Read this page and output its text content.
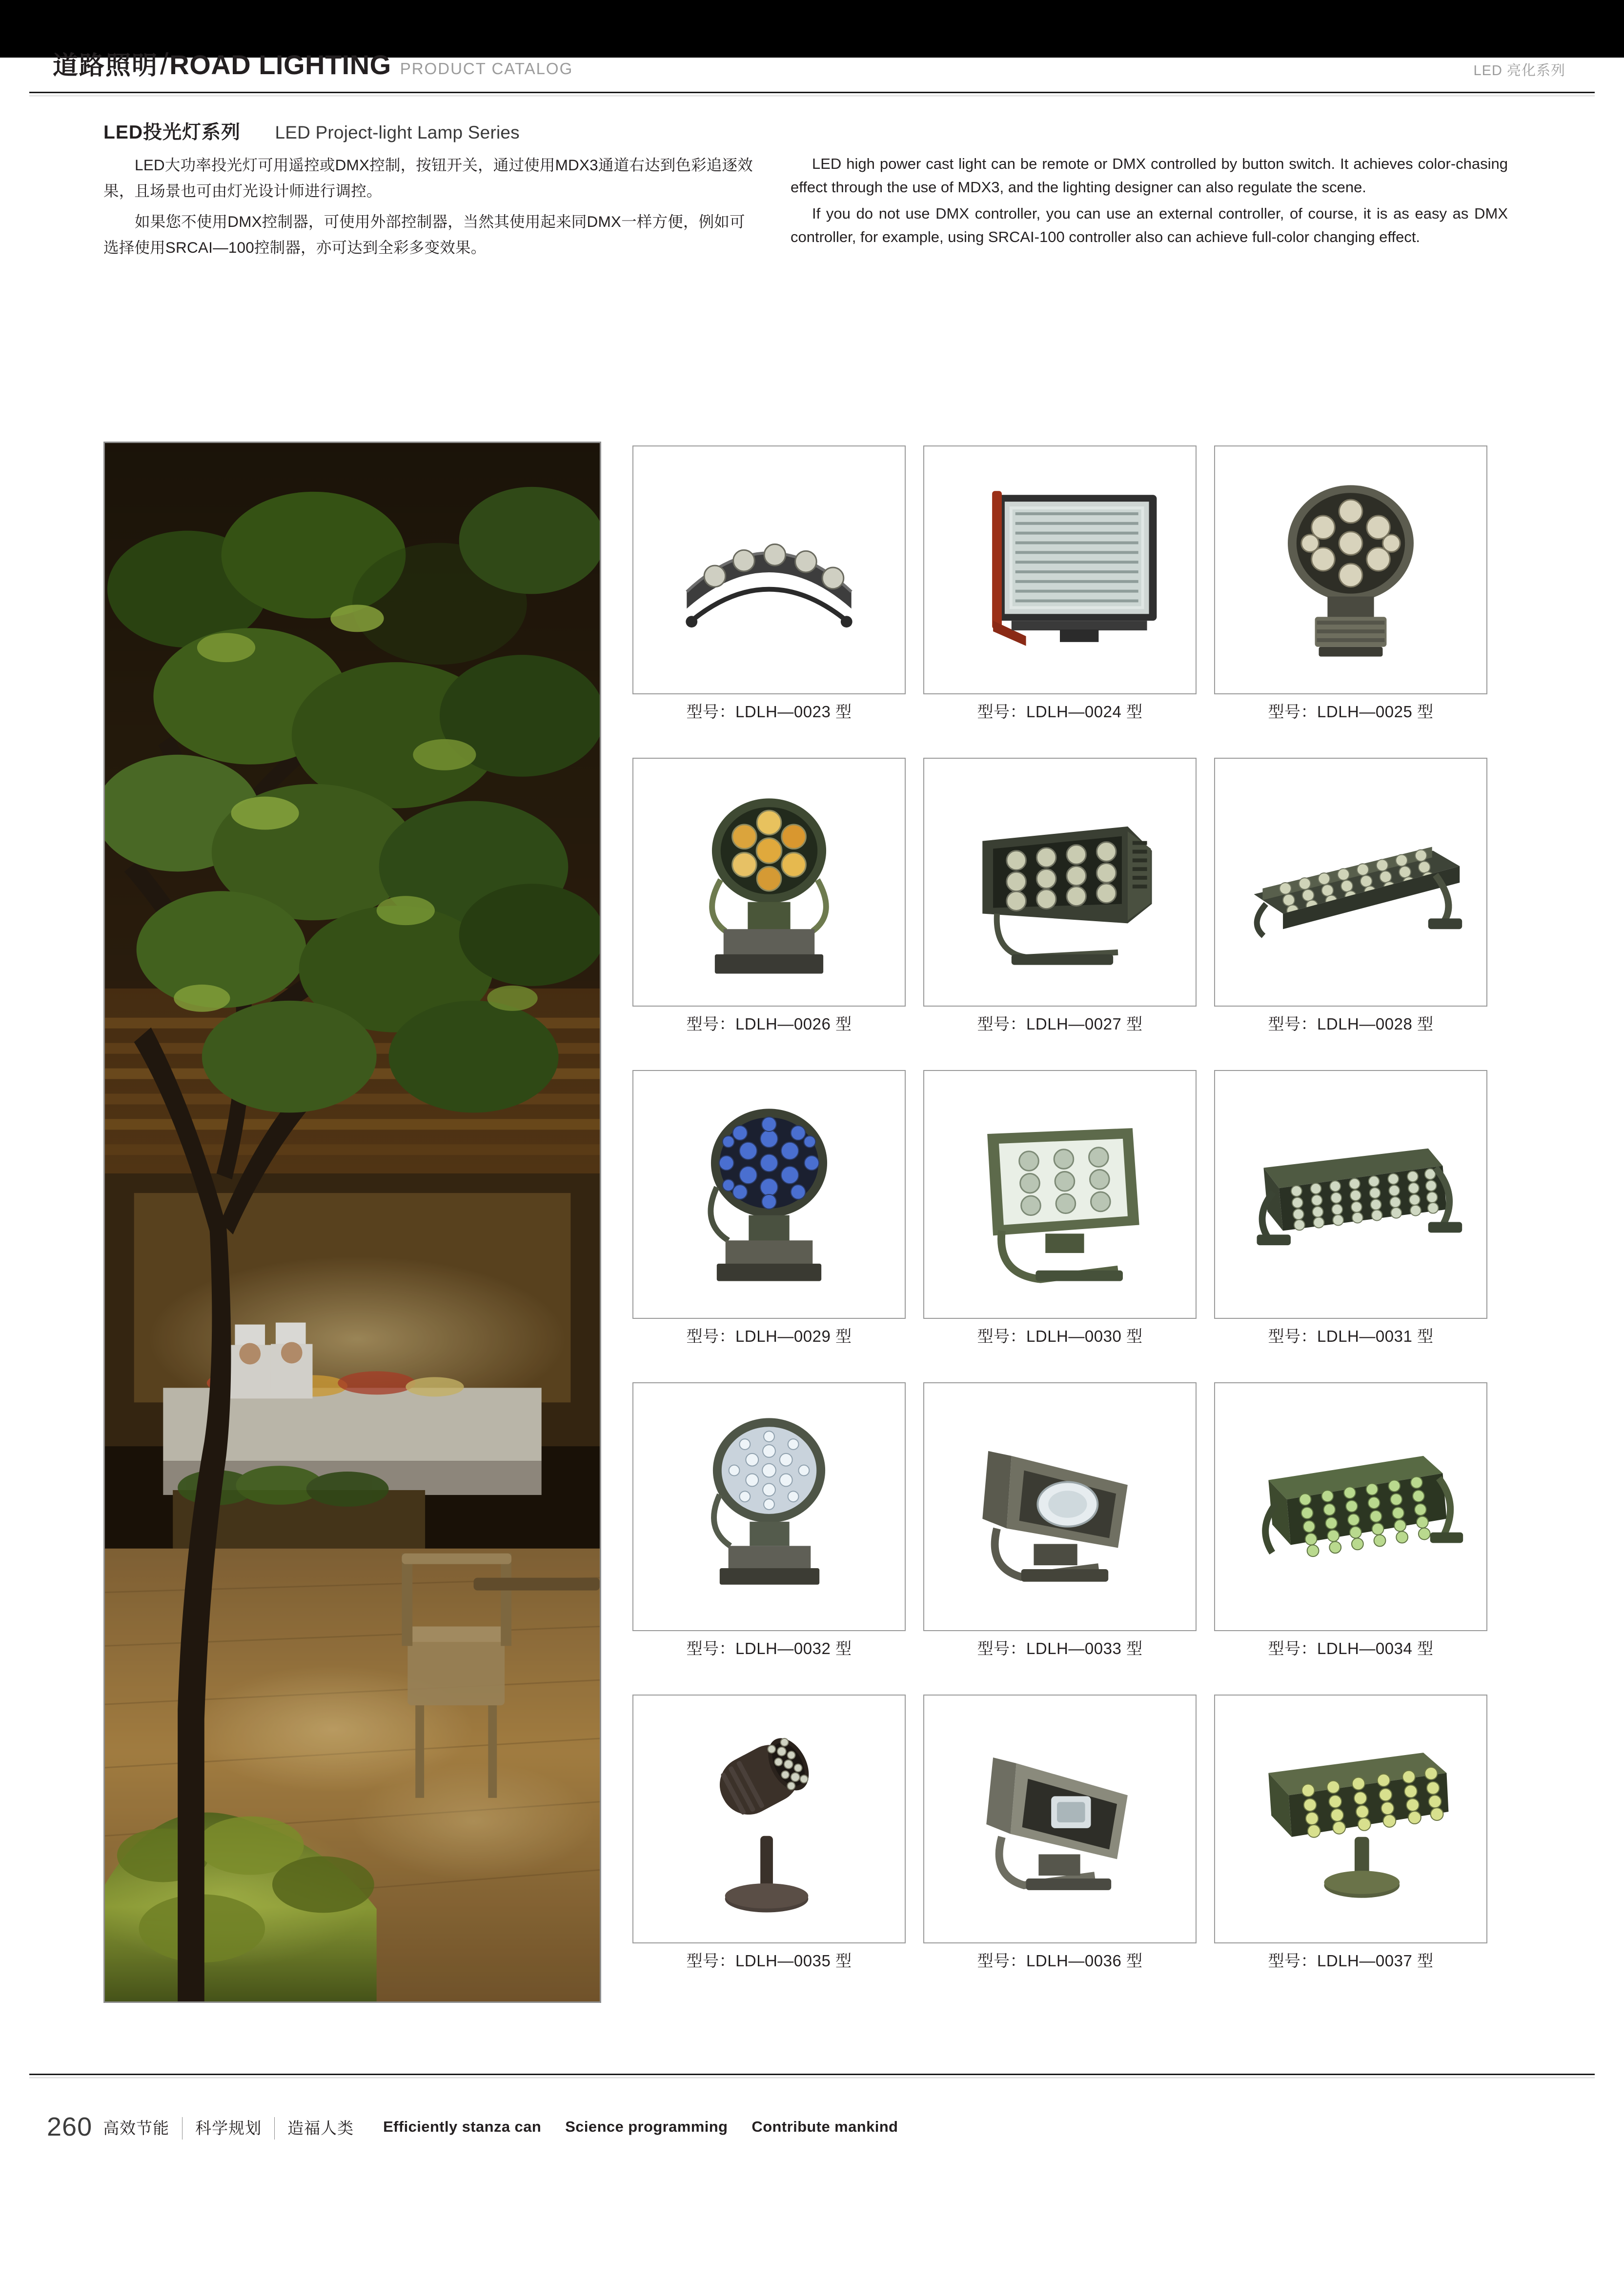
道路照明 / ROAD LIGHTING PRODUCT CATALOG	LED 亮化系列
LED投光灯系列 LED Project-light Lamp Series

LED大功率投光灯可用遥控或DMX控制，按钮开关，通过使用MDX3通道右达到色彩追逐效果，且场景也可由灯光设计师进行调控。

如果您不使用DMX控制器，可使用外部控制器，当然其使用起来同DMX一样方便，例如可选择使用SRCAI—100控制器，亦可达到全彩多变效果。

LED high power cast light can be remote or DMX controlled by button switch. It achieves color-chasing effect through the use of MDX3, and the lighting designer can also regulate the scene.

If you do not use DMX controller, you can use an external controller, of course, it is as easy as DMX controller, for example, using SRCAI-100 controller also can achieve full-color changing effect.

型号：LDLH—0023 型	型号：LDLH—0024 型	型号：LDLH—0025 型
型号：LDLH—0026 型	型号：LDLH—0027 型	型号：LDLH—0028 型
型号：LDLH—0029 型	型号：LDLH—0030 型	型号：LDLH—0031 型
型号：LDLH—0032 型	型号：LDLH—0033 型	型号：LDLH—0034 型
型号：LDLH—0035 型	型号：LDLH—0036 型	型号：LDLH—0037 型
260 高效节能 科学规划 造福人类 Efficiently stanza can Science programming Contribute mankind
